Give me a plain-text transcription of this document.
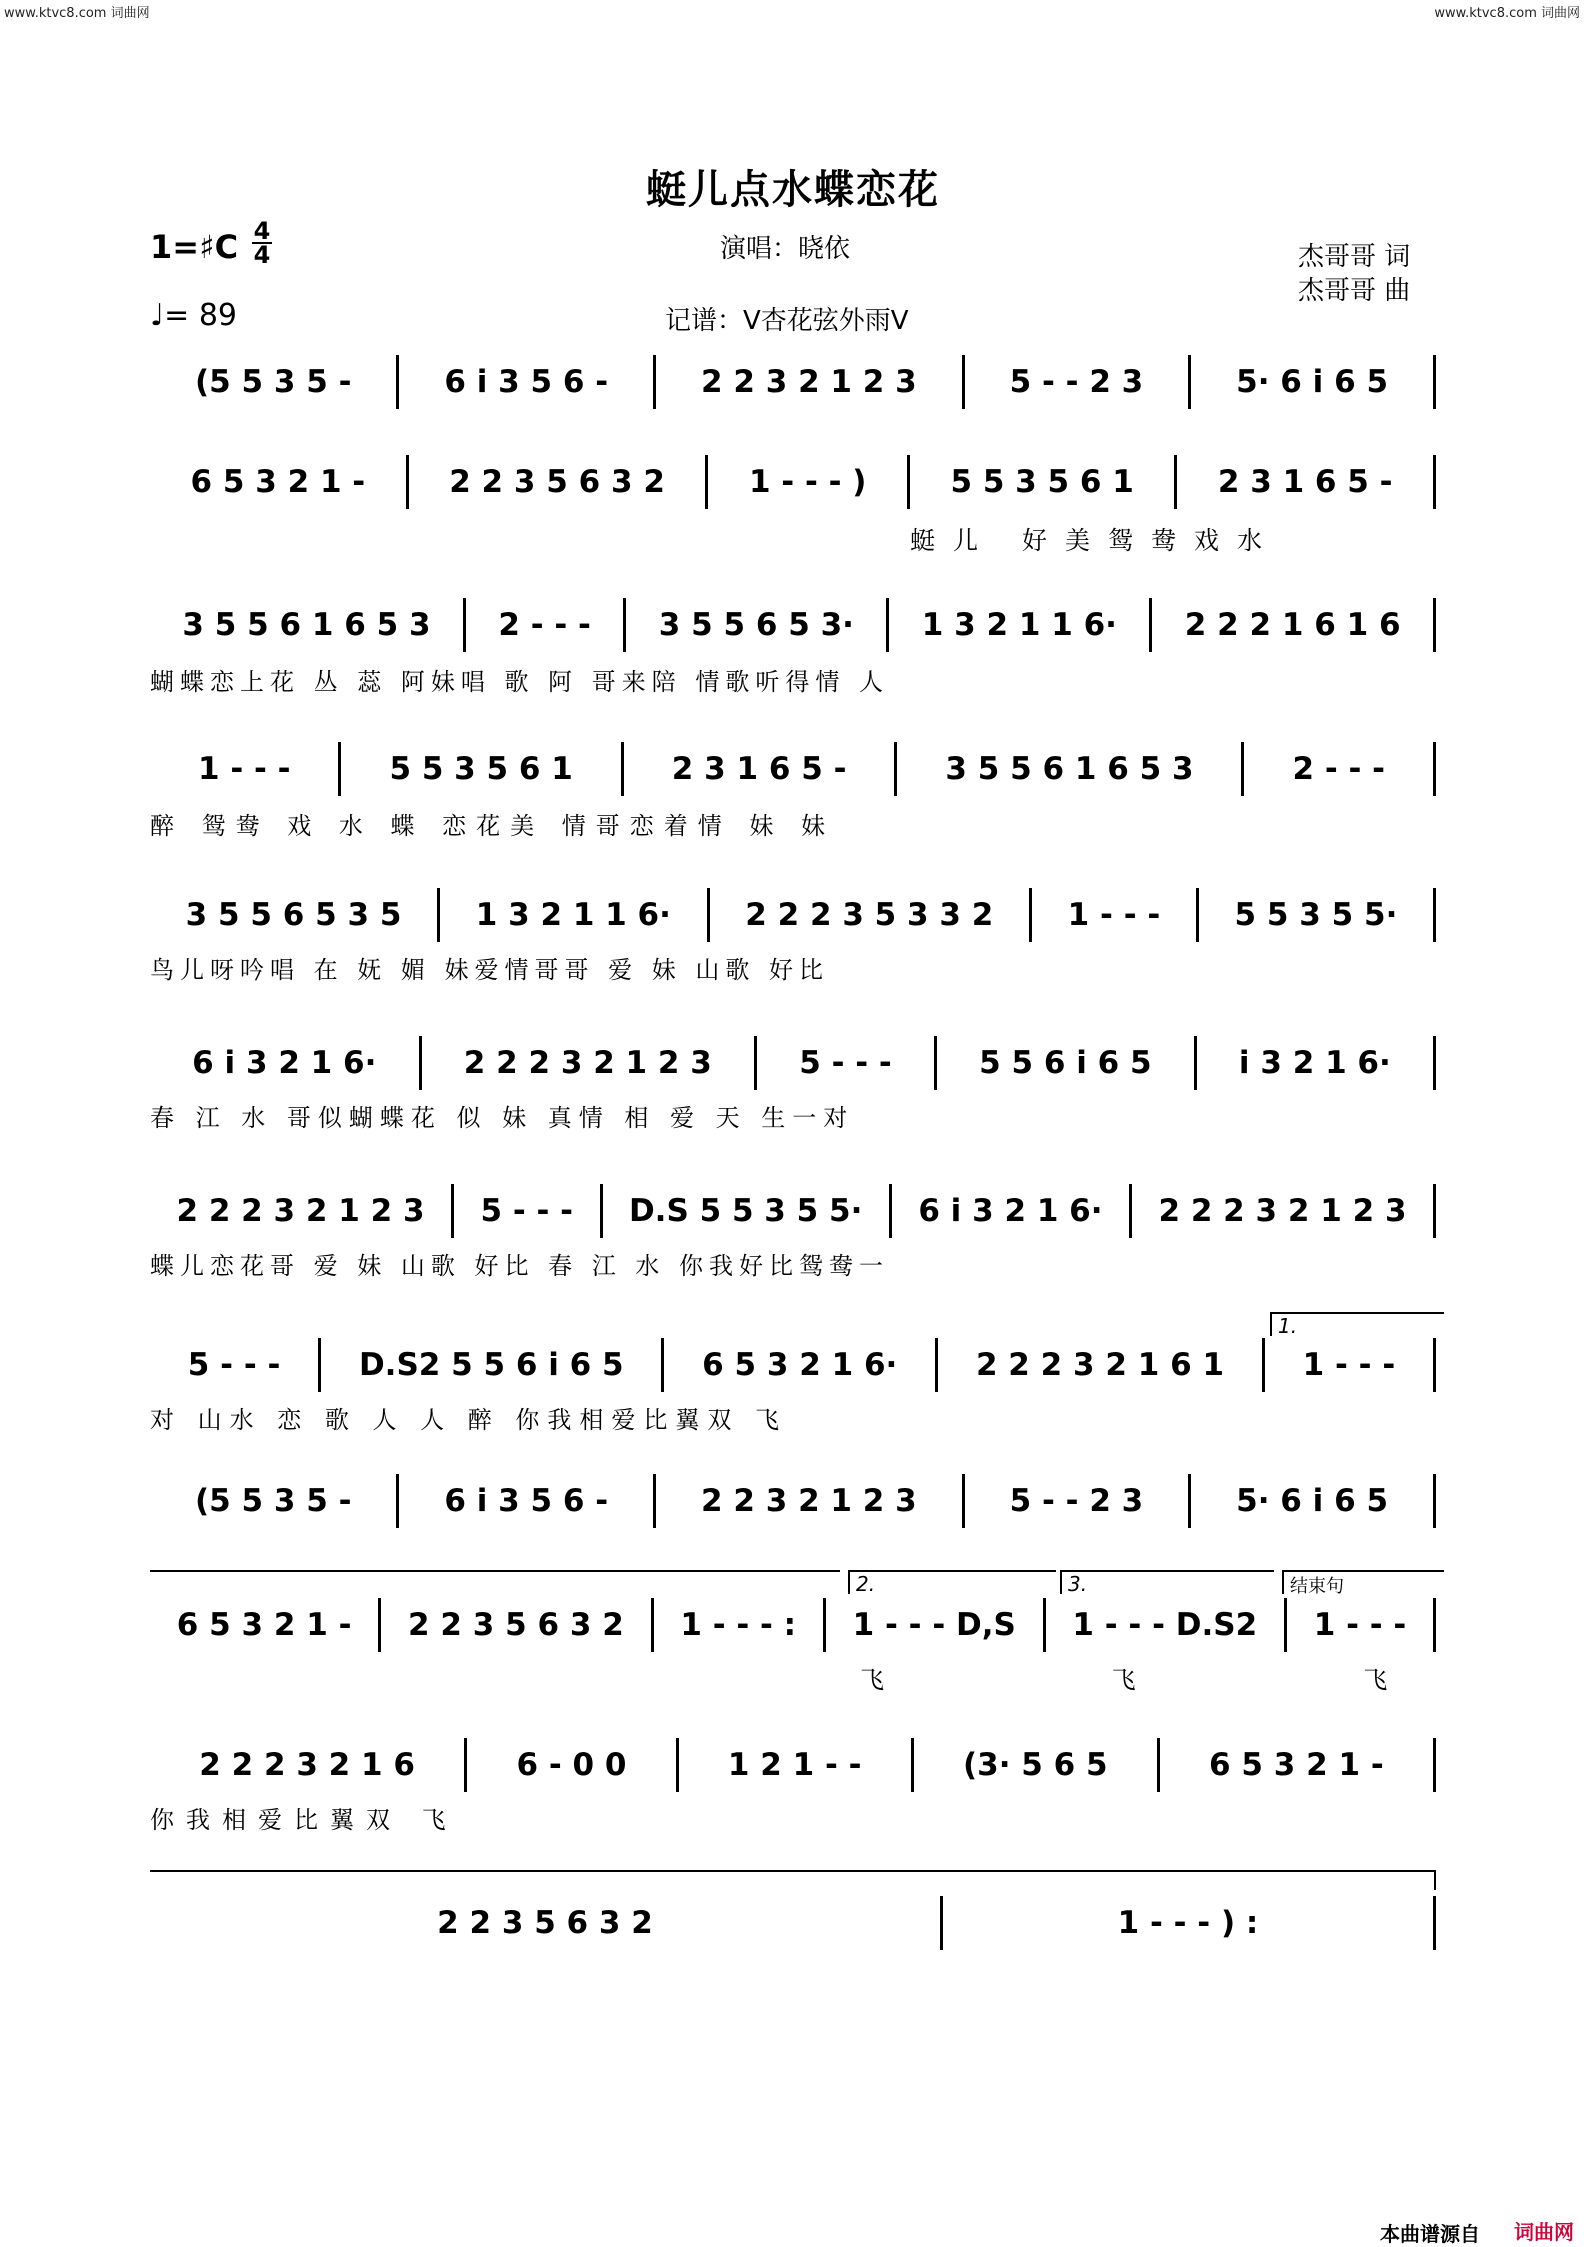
www.ktvc8.com 词曲网	www.ktvc8.com 词曲网
蜓儿点水蝶恋花
1=♯C 4
4
♩= 89
演唱：晓依
记谱：V杏花弦外雨V
杰哥哥 词
杰哥哥 曲
(5 5 3 5 -	6 i 3 5 6 -	2 2 3 2 1 2 3	5 - - 2 3	5· 6 i 6 5
6 5 3 2 1 -	2 2 3 5 6 3 2	1 - - - )	5 5 3 5 6 1	2 3 1 6 5 -
蜓儿 好美鸳鸯戏水
3 5 5 6 1 6 5 3 2 - - - 3 5 5 6 5 3· 1 3 2 1 1 6· 2 2 2 1 6 1 6
蝴蝶恋上花 丛 蕊 阿妹唱 歌 阿 哥来陪 情歌听得情 人
1 - - -	5 5 3 5 6 1	2 3 1 6 5 -	3 5 5 6 1 6 5 3	2 - - -
醉 鸳鸯 戏 水 蝶 恋花美 情哥恋着情 妹 妹
3 5 5 6 5 3 5 1 3 2 1 1 6· 2 2 2 3 5 3 3 2 1 - - - 5 5 3 5 5·
鸟儿呀吟唱 在 妩 媚 妹爱情哥哥 爱 妹 山歌 好比
6 i 3 2 1 6·	2 2 2 3 2 1 2 3	5 - - -	5 5 6 i 6 5	i 3 2 1 6·
春 江 水 哥似蝴蝶花 似 妹 真情 相 爱 天 生一对
2 2 2 3 2 1 2 3 5 - - - D.S 5 5 3 5 5· 6 i 3 2 1 6· 2 2 2 3 2 1 2 3
蝶儿恋花哥 爱 妹 山歌 好比 春 江 水 你我好比鸳鸯一
1.
5 - - -	D.S2 5 5 6 i 6 5	6 5 3 2 1 6·	2 2 2 3 2 1 6 1	1 - - -
对 山水 恋 歌 人 人 醉 你我相爱比翼双 飞
(5 5 3 5 -	6 i 3 5 6 -	2 2 3 2 1 2 3	5 - - 2 3	5· 6 i 6 5
2.	3.	结束句
6 5 3 2 1 - 2 2 3 5 6 3 2 1 - - - : 1 - - - D,S 1 - - - D.S2 1 - - -
飞 飞 飞
2 2 2 3 2 1 6	6 - 0 0	1 2 1 - -	(3· 5 6 5	6 5 3 2 1 -
你我相爱比翼双 飞
2 2 3 5 6 3 2	1 - - - ) :
本曲谱源自 词曲网
